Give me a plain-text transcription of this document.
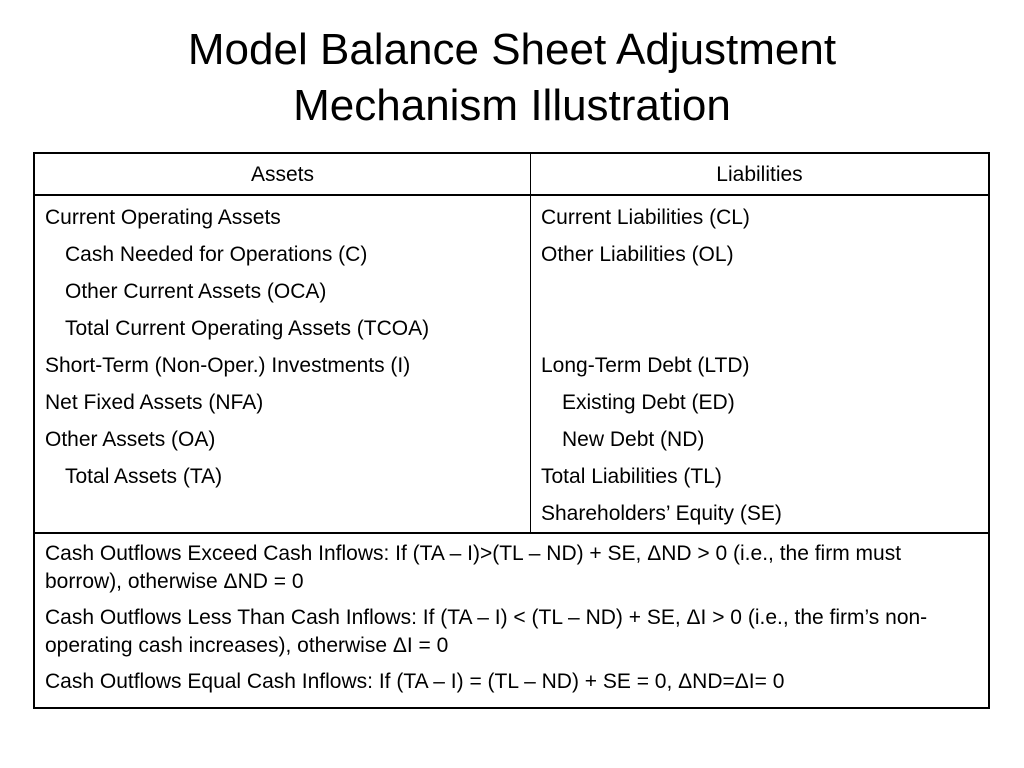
Model Balance Sheet Adjustment
Mechanism Illustration
Assets	Liabilities
Current Operating Assets
Cash Needed for Operations (C)
Other Current Assets (OCA)
Total Current Operating Assets (TCOA)
Short-Term (Non-Oper.) Investments (I)
Net Fixed Assets (NFA)
Other Assets (OA)
Total Assets (TA)
Current Liabilities (CL)
Other Liabilities (OL)
Long-Term Debt (LTD)
Existing Debt (ED)
New Debt (ND)
Total Liabilities (TL)
Shareholders’ Equity (SE)

Cash Outflows Exceed Cash Inflows: If (TA – I)>(TL – ND) + SE, ΔND > 0 (i.e., the firm must borrow), otherwise ΔND = 0

Cash Outflows Less Than Cash Inflows: If (TA – I) < (TL – ND) + SE, ΔI > 0 (i.e., the firm’s non-operating cash increases), otherwise ΔI = 0

Cash Outflows Equal Cash Inflows: If (TA – I) = (TL – ND) + SE = 0, ΔND=ΔI= 0
